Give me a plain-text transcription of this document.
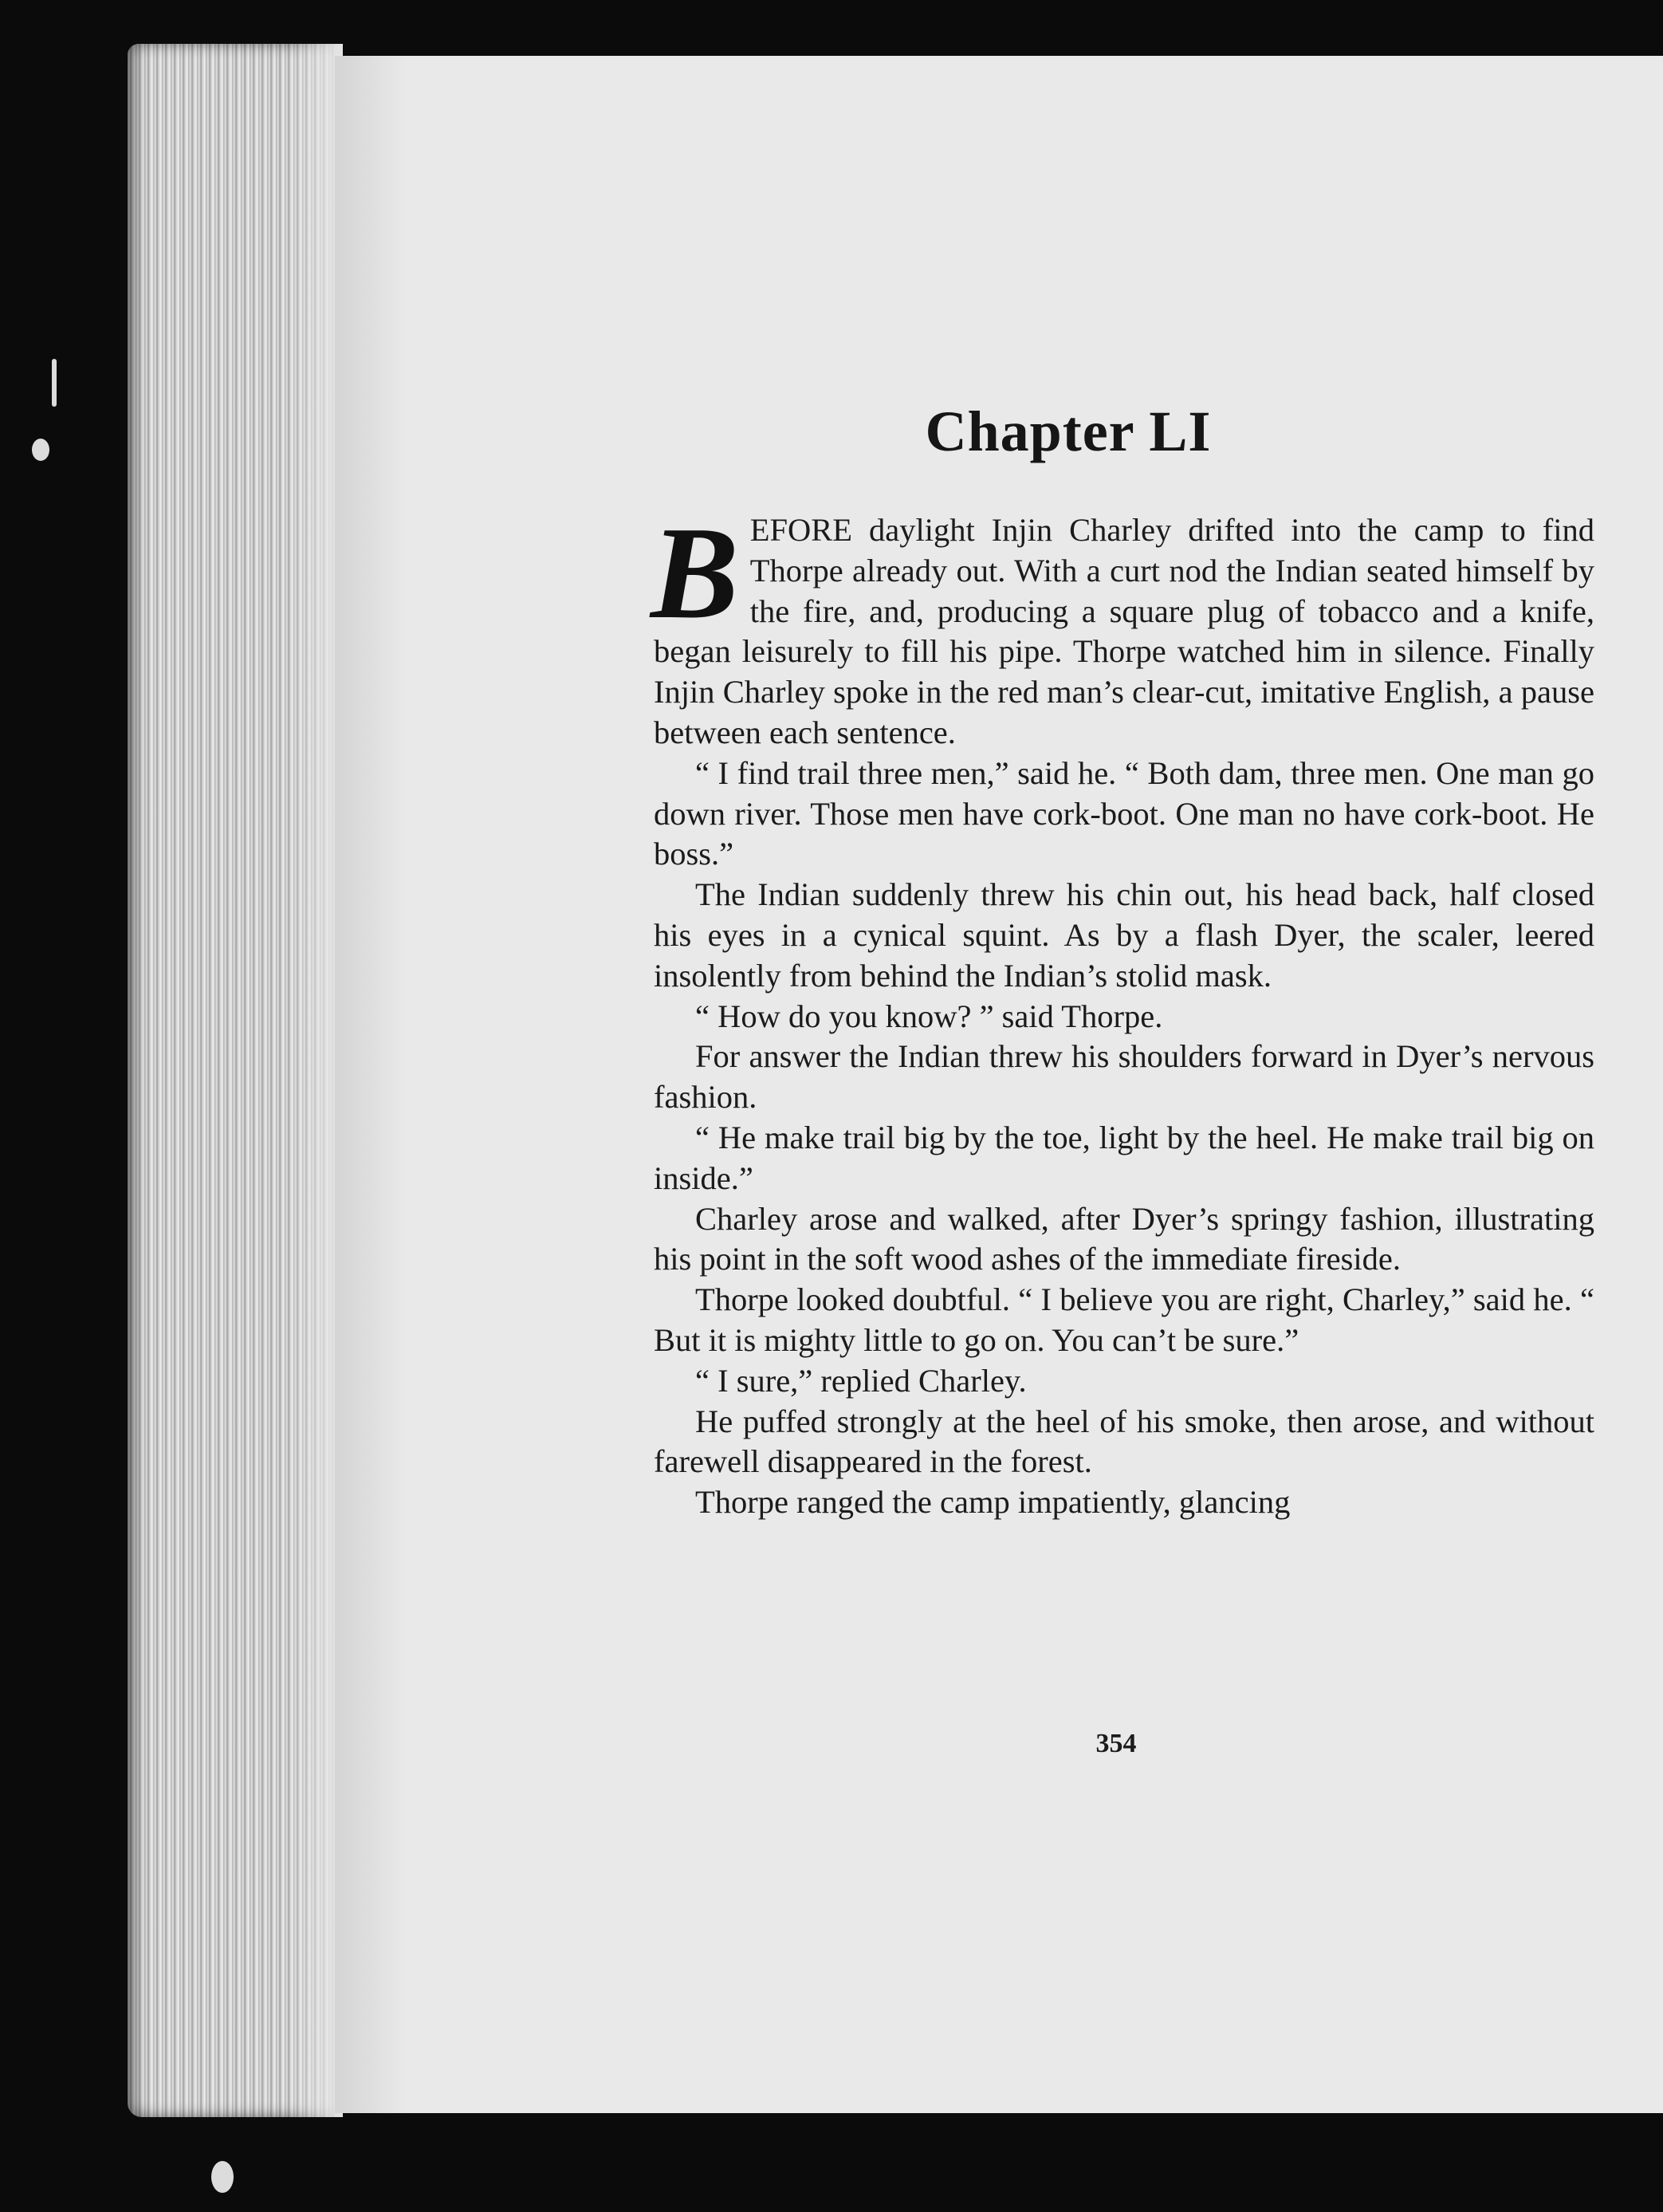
Chapter LI

BEFORE daylight Injin Charley drifted into the camp to find Thorpe already out. With a curt nod the Indian seated himself by the fire, and, producing a square plug of tobacco and a knife, began leisurely to fill his pipe. Thorpe watched him in silence. Finally Injin Charley spoke in the red man’s clear-cut, imitative English, a pause between each sentence.

“ I find trail three men,” said he. “ Both dam, three men. One man go down river. Those men have cork-boot. One man no have cork-boot. He boss.”

The Indian suddenly threw his chin out, his head back, half closed his eyes in a cynical squint. As by a flash Dyer, the scaler, leered insolently from behind the Indian’s stolid mask.

“ How do you know? ” said Thorpe.

For answer the Indian threw his shoulders forward in Dyer’s nervous fashion.

“ He make trail big by the toe, light by the heel. He make trail big on inside.”

Charley arose and walked, after Dyer’s springy fashion, illustrating his point in the soft wood ashes of the immediate fireside.

Thorpe looked doubtful. “ I believe you are right, Charley,” said he. “ But it is mighty little to go on. You can’t be sure.”

“ I sure,” replied Charley.

He puffed strongly at the heel of his smoke, then arose, and without farewell disappeared in the forest.

Thorpe ranged the camp impatiently, glancing

354
